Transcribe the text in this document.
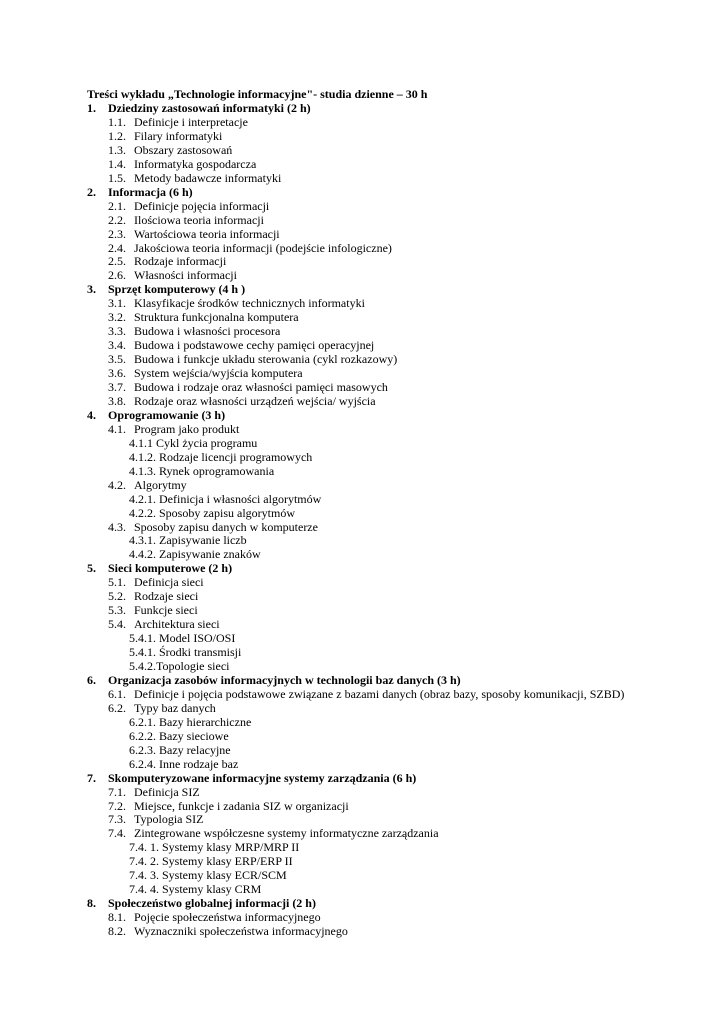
Treści wykładu „Technologie informacyjne"- studia dzienne – 30 h
1. Dziedziny zastosowań informatyki (2 h)
1.1. Definicje i interpretacje
1.2. Filary informatyki
1.3. Obszary zastosowań
1.4. Informatyka gospodarcza
1.5. Metody badawcze informatyki
2. Informacja (6 h)
2.1. Definicje pojęcia informacji
2.2. Ilościowa teoria informacji
2.3. Wartościowa teoria informacji
2.4. Jakościowa teoria informacji (podejście infologiczne)
2.5. Rodzaje informacji
2.6. Własności informacji
3. Sprzęt komputerowy (4 h )
3.1. Klasyfikacje środków technicznych informatyki
3.2. Struktura funkcjonalna komputera
3.3. Budowa i własności procesora
3.4. Budowa i podstawowe cechy pamięci operacyjnej
3.5. Budowa i funkcje układu sterowania (cykl rozkazowy)
3.6. System wejścia/wyjścia komputera
3.7. Budowa i rodzaje oraz własności pamięci masowych
3.8. Rodzaje oraz własności urządzeń wejścia/ wyjścia
4. Oprogramowanie (3 h)
4.1. Program jako produkt
4.1.1 Cykl życia programu
4.1.2. Rodzaje licencji programowych
4.1.3. Rynek oprogramowania
4.2. Algorytmy
4.2.1. Definicja i własności algorytmów
4.2.2. Sposoby zapisu algorytmów
4.3. Sposoby zapisu danych w komputerze
4.3.1. Zapisywanie liczb
4.4.2. Zapisywanie znaków
5. Sieci komputerowe (2 h)
5.1. Definicja sieci
5.2. Rodzaje sieci
5.3. Funkcje sieci
5.4. Architektura sieci
5.4.1. Model ISO/OSI
5.4.1. Środki transmisji
5.4.2.Topologie sieci
6. Organizacja zasobów informacyjnych w technologii baz danych (3 h)
6.1. Definicje i pojęcia podstawowe związane z bazami danych (obraz bazy, sposoby komunikacji, SZBD)
6.2. Typy baz danych
6.2.1. Bazy hierarchiczne
6.2.2. Bazy sieciowe
6.2.3. Bazy relacyjne
6.2.4. Inne rodzaje baz
7. Skomputeryzowane informacyjne systemy zarządzania (6 h)
7.1. Definicja SIZ
7.2. Miejsce, funkcje i zadania SIZ w organizacji
7.3. Typologia SIZ
7.4. Zintegrowane współczesne systemy informatyczne zarządzania
7.4. 1. Systemy klasy MRP/MRP II
7.4. 2. Systemy klasy ERP/ERP II
7.4. 3. Systemy klasy ECR/SCM
7.4. 4. Systemy klasy CRM
8. Społeczeństwo globalnej informacji (2 h)
8.1. Pojęcie społeczeństwa informacyjnego
8.2. Wyznaczniki społeczeństwa informacyjnego
